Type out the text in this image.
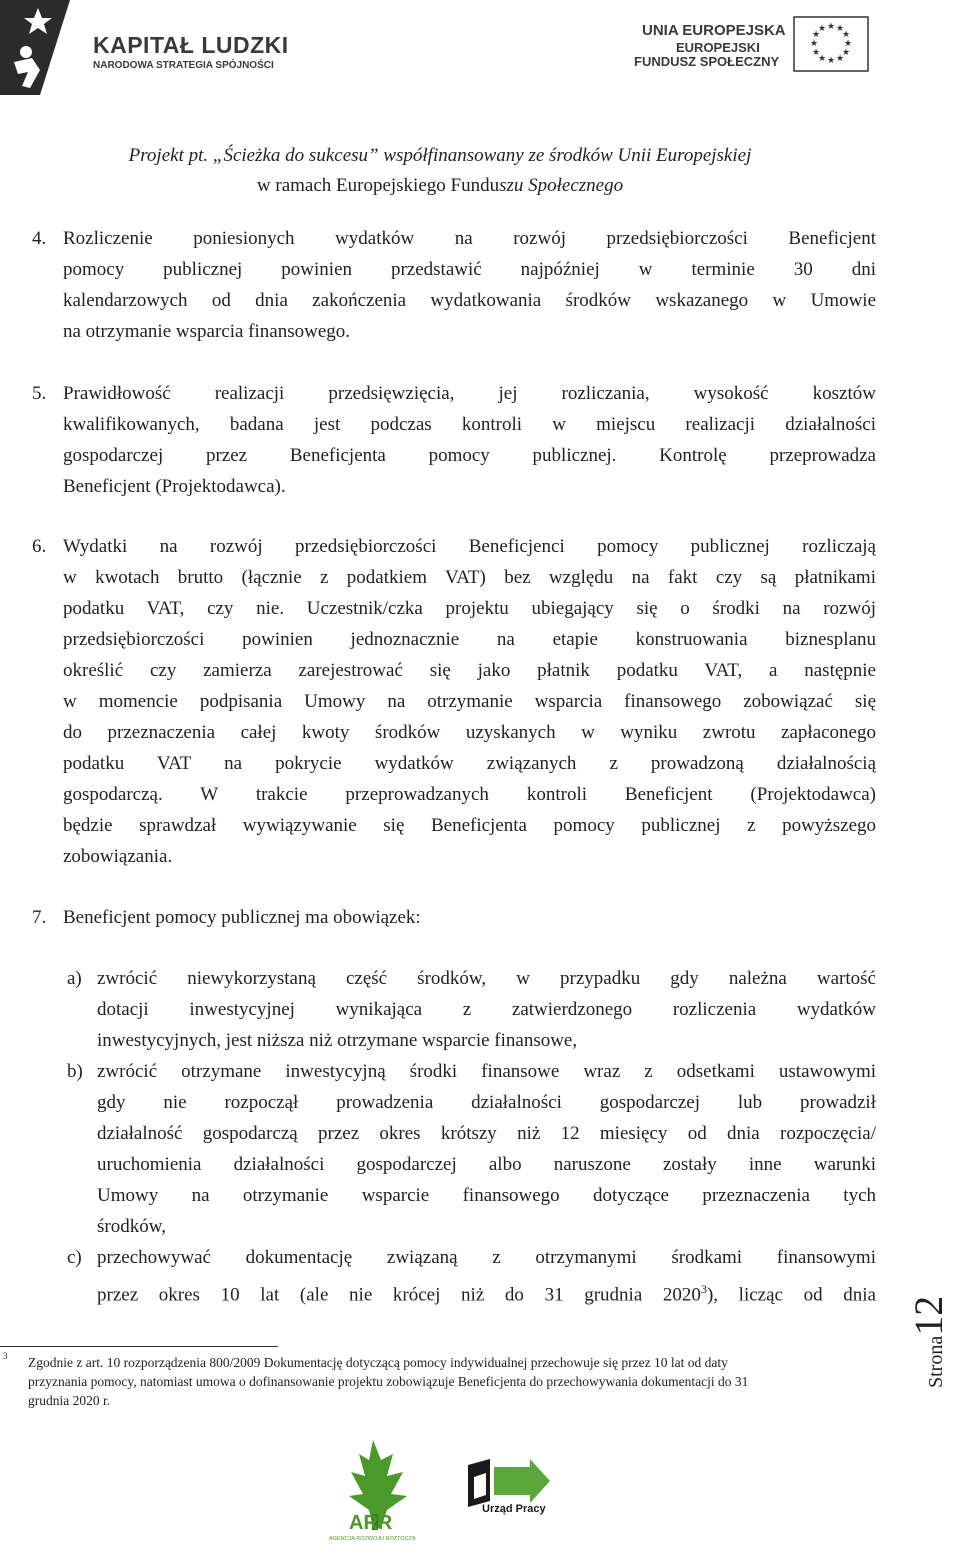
KAPITAŁ LUDZKI
NARODOWA STRATEGIA SPÓJNOŚCI
UNIA EUROPEJSKA
EUROPEJSKI
FUNDUSZ SPOŁECZNY
★ ★
★
★
★
★
★
★
★
★
★
★
Projekt pt. „Ścieżka do sukcesu” współfinansowany ze środków Unii Europejskiej
w ramach Europejskiego Funduszu Społecznego
4. Rozliczenie poniesionych wydatków na rozwój przedsiębiorczości Beneficjent
pomocy publicznej powinien przedstawić najpóźniej w terminie 30 dni
kalendarzowych od dnia zakończenia wydatkowania środków wskazanego w Umowie
na otrzymanie wsparcia finansowego.
5. Prawidłowość realizacji przedsięwzięcia, jej rozliczania, wysokość kosztów
kwalifikowanych, badana jest podczas kontroli w miejscu realizacji działalności
gospodarczej przez Beneficjenta pomocy publicznej. Kontrolę przeprowadza
Beneficjent (Projektodawca).
6. Wydatki na rozwój przedsiębiorczości Beneficjenci pomocy publicznej rozliczają
w kwotach brutto (łącznie z podatkiem VAT) bez względu na fakt czy są płatnikami
podatku VAT, czy nie. Uczestnik/czka projektu ubiegający się o środki na rozwój
przedsiębiorczości powinien jednoznacznie na etapie konstruowania biznesplanu
określić czy zamierza zarejestrować się jako płatnik podatku VAT, a następnie
w momencie podpisania Umowy na otrzymanie wsparcia finansowego zobowiązać się
do przeznaczenia całej kwoty środków uzyskanych w wyniku zwrotu zapłaconego
podatku VAT na pokrycie wydatków związanych z prowadzoną działalnością
gospodarczą. W trakcie przeprowadzanych kontroli Beneficjent (Projektodawca)
będzie sprawdzał wywiązywanie się Beneficjenta pomocy publicznej z powyższego
zobowiązania.
7. Beneficjent pomocy publicznej ma obowiązek:
a) zwrócić niewykorzystaną część środków, w przypadku gdy należna wartość
dotacji inwestycyjnej wynikająca z zatwierdzonego rozliczenia wydatków
inwestycyjnych, jest niższa niż otrzymane wsparcie finansowe,
b) zwrócić otrzymane inwestycyjną środki finansowe wraz z odsetkami ustawowymi
gdy nie rozpoczął prowadzenia działalności gospodarczej lub prowadził
działalność gospodarczą przez okres krótszy niż 12 miesięcy od dnia rozpoczęcia/
uruchomienia działalności gospodarczej albo naruszone zostały inne warunki
Umowy na otrzymanie wsparcie finansowego dotyczące przeznaczenia tych
środków,
c) przechowywać dokumentację związaną z otrzymanymi środkami finansowymi
przez okres 10 lat (ale nie krócej niż do 31 grudnia 2020$^3$), licząc od dnia
Strona12
3 Zgodnie z art. 10 rozporządzenia 800/2009 Dokumentację dotyczącą pomocy indywidualnej przechowuje się przez 10 lat od daty
przyznania pomocy, natomiast umowa o dofinansowanie projektu zobowiązuje Beneficjenta do przechowywania dokumentacji do 31
grudnia 2020 r.
ARR
AGENCJA ROZWOJU ROZTOCZA
Urząd Pracy
